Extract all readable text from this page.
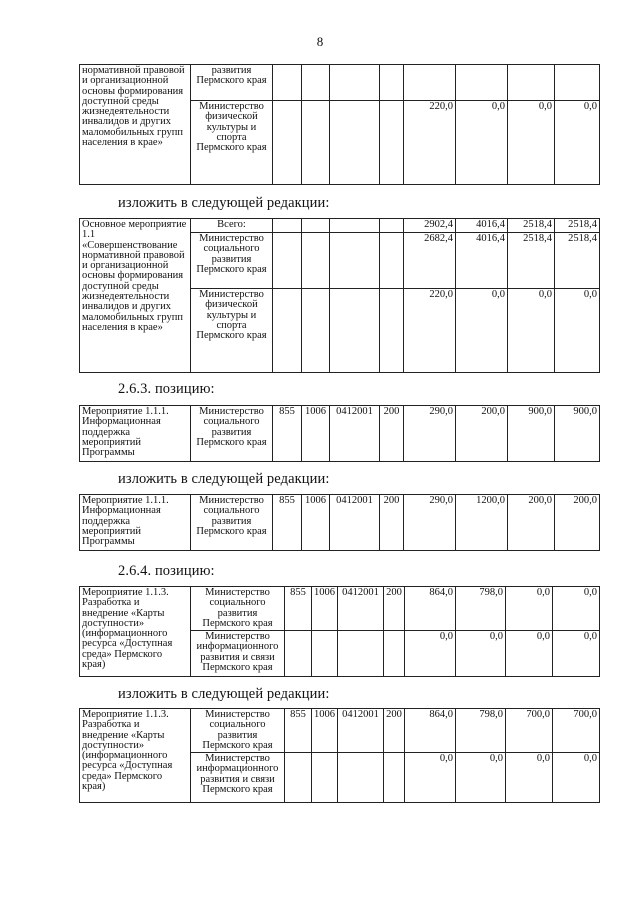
8
нормативной правовой и организационной основы формирования доступной среды жизнедеятельности инвалидов и других маломобильных групп населения в крае»	развития Пермского края								
	Министерство физической культуры и спорта Пермского края					220,0	0,0	0,0	0,0
изложить в следующей редакции:
Основное мероприятие 1.1 «Совершенствование нормативной правовой и организационной основы формирования доступной среды жизнедеятельности инвалидов и других маломобильных групп населения в крае»	Всего:					2902,4	4016,4	2518,4	2518,4
	Министерство социального развития Пермского края					2682,4	4016,4	2518,4	2518,4
	Министерство физической культуры и спорта Пермского края					220,0	0,0	0,0	0,0
2.6.3. позицию:
Мероприятие 1.1.1. Информационная поддержка мероприятий Программы	Министерство социального развития Пермского края	855	1006	0412001	200	290,0	200,0	900,0	900,0
изложить в следующей редакции:
Мероприятие 1.1.1. Информационная поддержка мероприятий Программы	Министерство социального развития Пермского края	855	1006	0412001	200	290,0	1200,0	200,0	200,0
2.6.4. позицию:
Мероприятие 1.1.3. Разработка и внедрение «Карты доступности» (информационного ресурса «Доступная среда» Пермского края)	Министерство социального развития Пермского края	855	1006	0412001	200	864,0	798,0	0,0	0,0
	Министерство информационного развития и связи Пермского края					0,0	0,0	0,0	0,0
изложить в следующей редакции:
Мероприятие 1.1.3. Разработка и внедрение «Карты доступности» (информационного ресурса «Доступная среда» Пермского края)	Министерство социального развития Пермского края	855	1006	0412001	200	864,0	798,0	700,0	700,0
	Министерство информационного развития и связи Пермского края					0,0	0,0	0,0	0,0
